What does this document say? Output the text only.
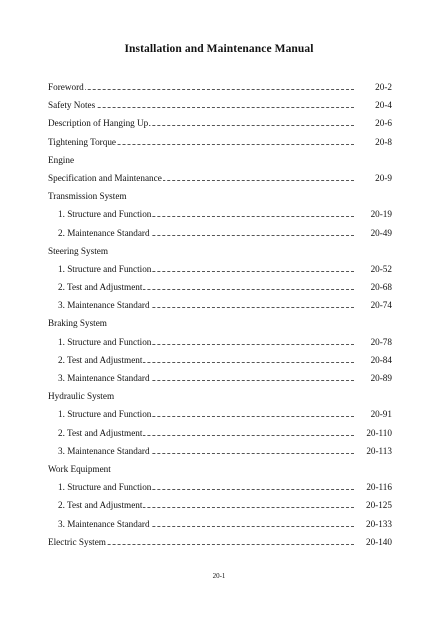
Installation and Maintenance Manual
Foreword	20-2
Safety Notes	20-4
Description of Hanging Up	20-6
Tightening Torque	20-8
Engine
Specification and Maintenance	20-9
Transmission System
1. Structure and Function	20-19
2. Maintenance Standard	20-49
Steering System
1. Structure and Function	20-52
2. Test and Adjustment	20-68
3. Maintenance Standard	20-74
Braking System
1. Structure and Function	20-78
2. Test and Adjustment	20-84
3. Maintenance Standard	20-89
Hydraulic System
1. Structure and Function	20-91
2. Test and Adjustment	20-110
3. Maintenance Standard	20-113
Work Equipment
1. Structure and Function	20-116
2. Test and Adjustment	20-125
3. Maintenance Standard	20-133
Electric System	20-140
20-1
